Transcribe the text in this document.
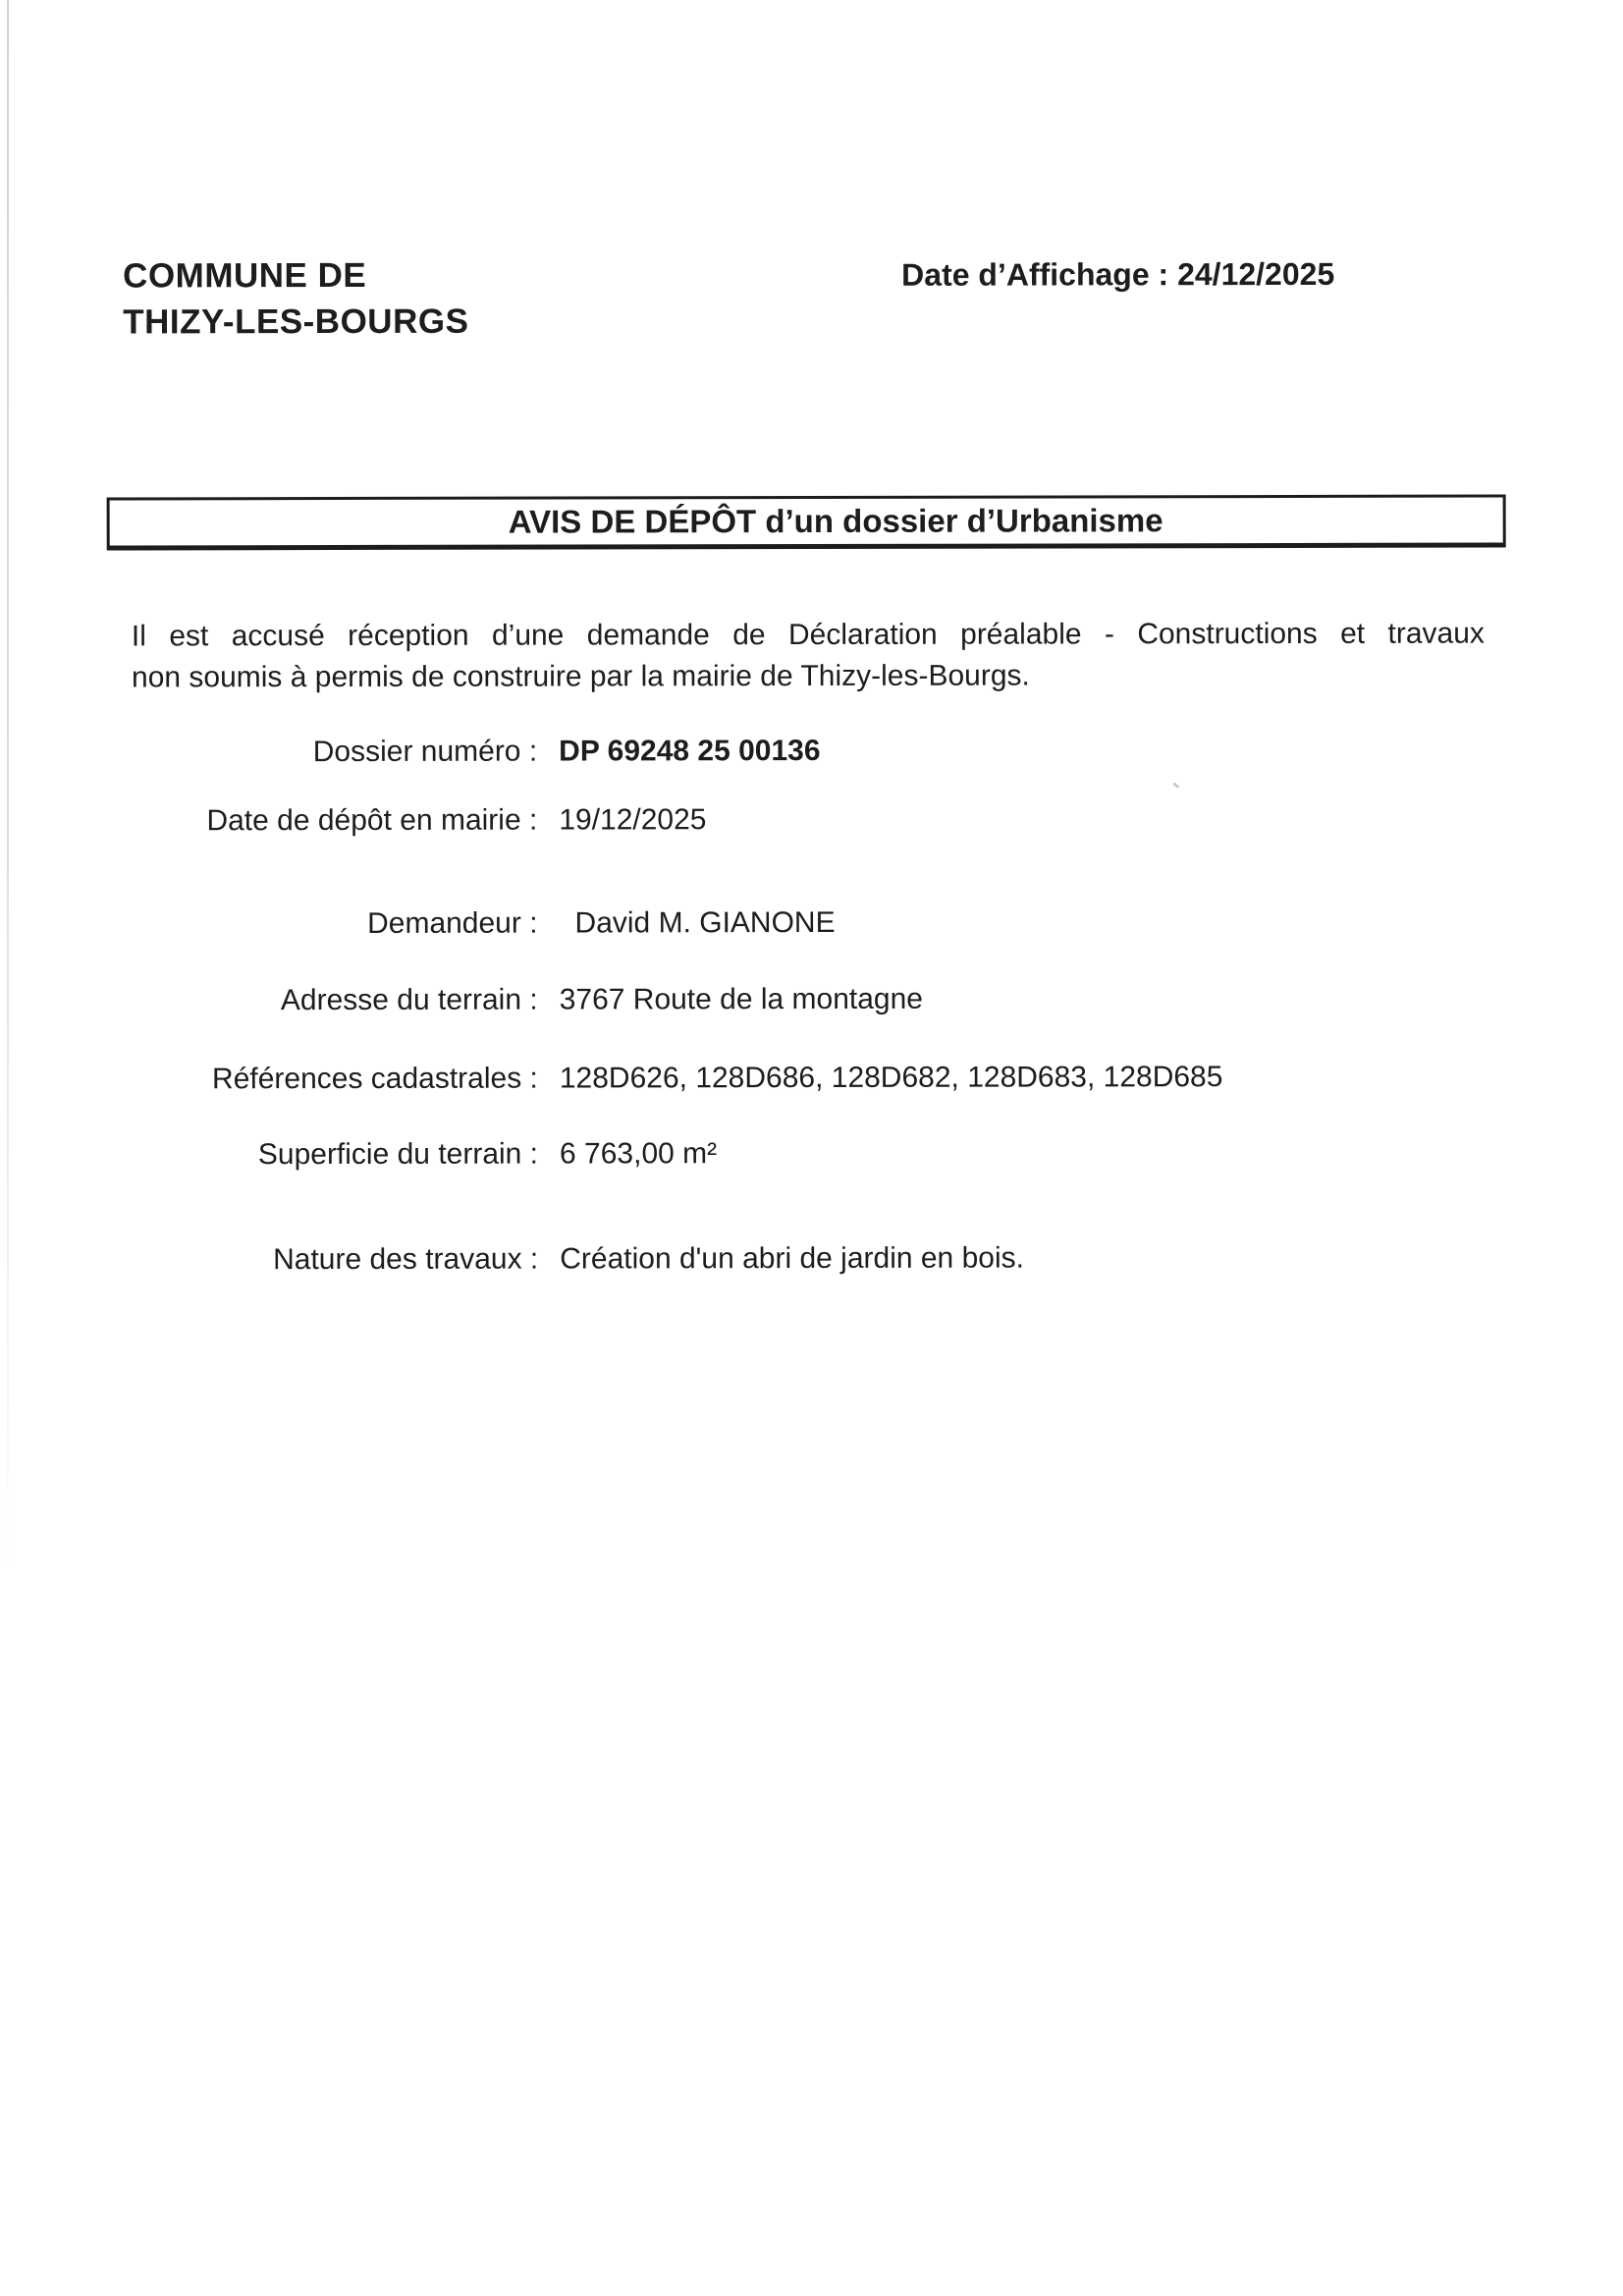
COMMUNE DE
THIZY-LES-BOURGS
Date d’Affichage : 24/12/2025
AVIS DE DÉPÔT d’un dossier d’Urbanisme
Il est accusé réception d’une demande de Déclaration préalable - Constructions et travaux
non soumis à permis de construire par la mairie de Thizy-les-Bourgs.
Dossier numéro : DP 69248 25 00136
Date de dépôt en mairie : 19/12/2025
Demandeur : David M. GIANONE
Adresse du terrain : 3767 Route de la montagne
Références cadastrales : 128D626, 128D686, 128D682, 128D683, 128D685
Superficie du terrain : 6 763,00 m²
Nature des travaux : Création d'un abri de jardin en bois.
